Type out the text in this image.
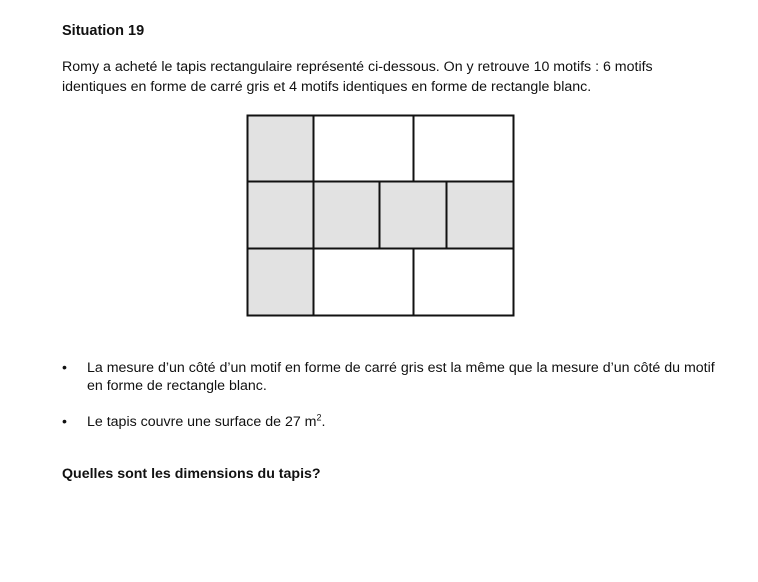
Situation 19
Romy a acheté le tapis rectangulaire représenté ci-dessous. On y retrouve 10 motifs : 6 motifs identiques en forme de carré gris et 4 motifs identiques en forme de rectangle blanc.
• La mesure d’un côté d’un motif en forme de carré gris est la même que la mesure d’un côté du motif en forme de rectangle blanc.
• Le tapis couvre une surface de 27 $m^2$.
Quelles sont les dimensions du tapis?
